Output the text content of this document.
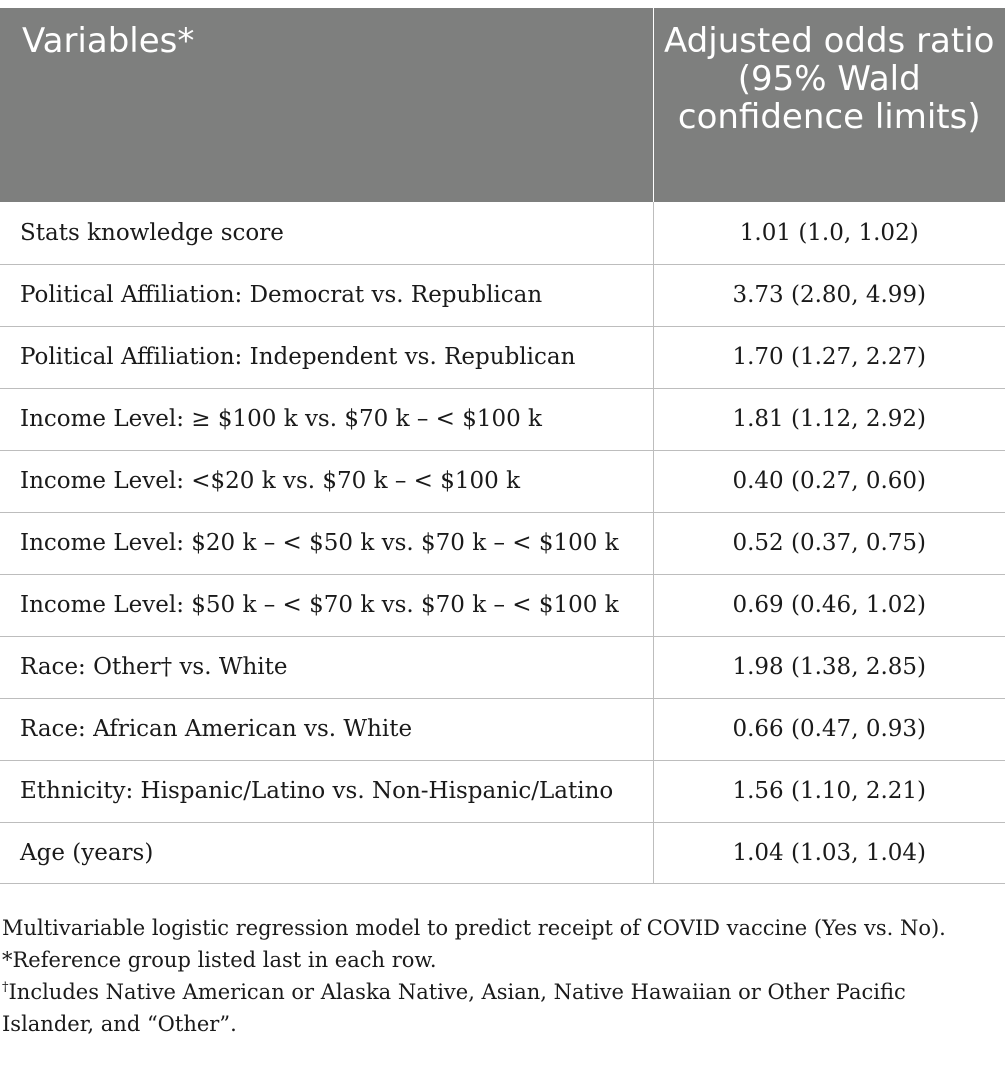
Variables*	Adjusted odds ratio
(95% Wald confidence limits)
Stats knowledge score	1.01 (1.0, 1.02)
Political Affiliation: Democrat vs. Republican	3.73 (2.80, 4.99)
Political Affiliation: Independent vs. Republican	1.70 (1.27, 2.27)
Income Level: ≥ $100 k vs. $70 k – < $100 k	1.81 (1.12, 2.92)
Income Level: <$20 k vs. $70 k – < $100 k	0.40 (0.27, 0.60)
Income Level: $20 k – < $50 k vs. $70 k – < $100 k	0.52 (0.37, 0.75)
Income Level: $50 k – < $70 k vs. $70 k – < $100 k	0.69 (0.46, 1.02)
Race: Other† vs. White	1.98 (1.38, 2.85)
Race: African American vs. White	0.66 (0.47, 0.93)
Ethnicity: Hispanic/Latino vs. Non-Hispanic/Latino	1.56 (1.10, 2.21)
Age (years)	1.04 (1.03, 1.04)

Multivariable logistic regression model to predict receipt of COVID vaccine (Yes vs. No).

*Reference group listed last in each row.

†Includes Native American or Alaska Native, Asian, Native Hawaiian or Other Pacific Islander, and “Other”.
